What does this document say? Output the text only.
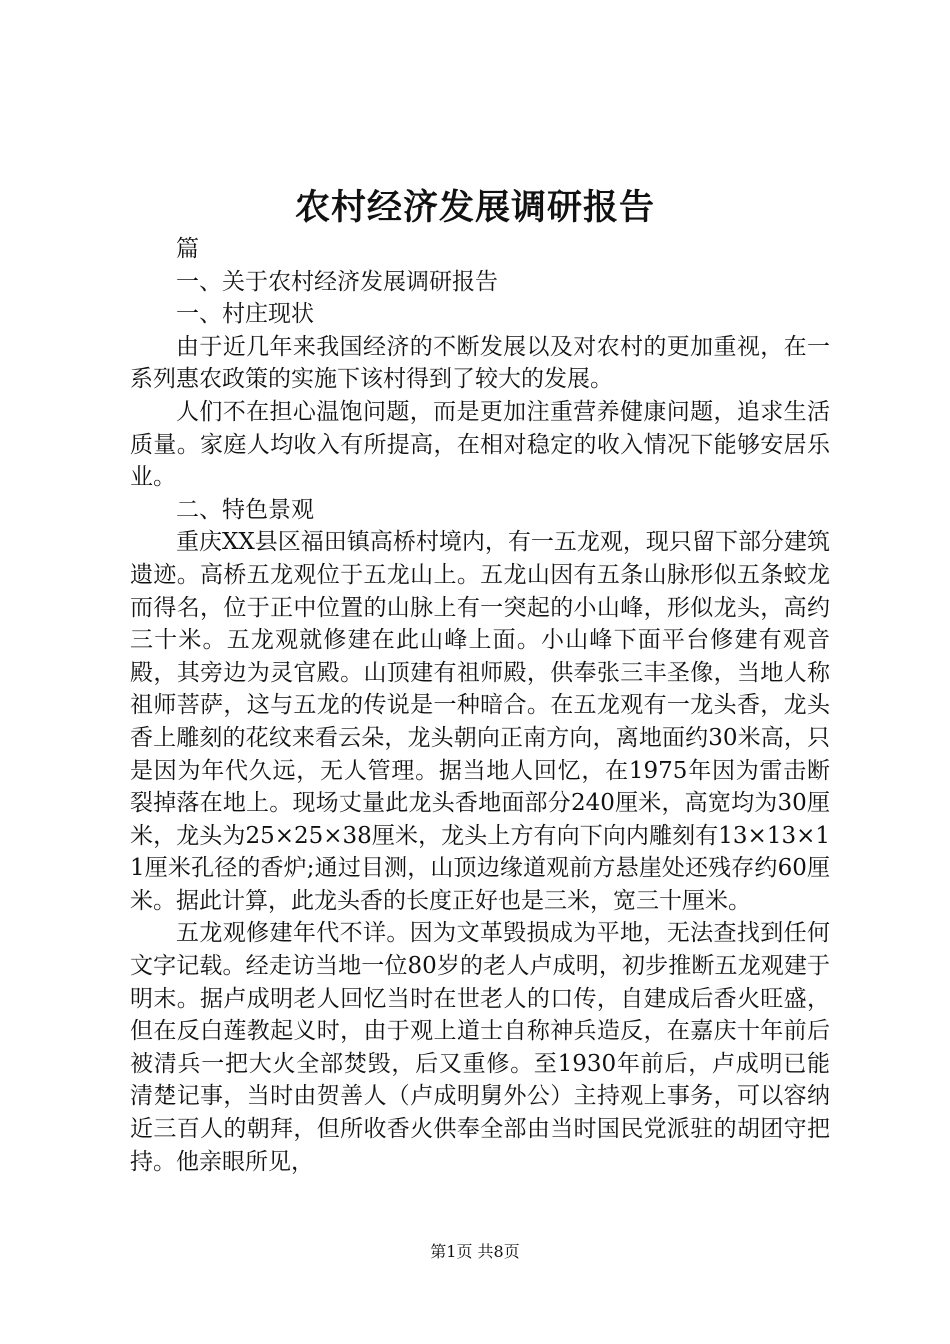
农村经济发展调研报告

篇

一、关于农村经济发展调研报告

一、村庄现状

由于近几年来我国经济的不断发展以及对农村的更加重视，在一系列惠农政策的实施下该村得到了较大的发展。

人们不在担心温饱问题，而是更加注重营养健康问题，追求生活质量。家庭人均收入有所提高，在相对稳定的收入情况下能够安居乐业。

二、特色景观

重庆XX县区福田镇高桥村境内，有一五龙观，现只留下部分建筑遗迹。高桥五龙观位于五龙山上。五龙山因有五条山脉形似五条蛟龙而得名，位于正中位置的山脉上有一突起的小山峰，形似龙头，高约三十米。五龙观就修建在此山峰上面。小山峰下面平台修建有观音殿，其旁边为灵官殿。山顶建有祖师殿，供奉张三丰圣像，当地人称祖师菩萨，这与五龙的传说是一种暗合。在五龙观有一龙头香，龙头香上雕刻的花纹来看云朵，龙头朝向正南方向，离地面约30米高，只是因为年代久远，无人管理。据当地人回忆，在1975年因为雷击断裂掉落在地上。现场丈量此龙头香地面部分240厘米，高宽均为30厘米，龙头为25×25×38厘米，龙头上方有向下向内雕刻有13×13×11厘米孔径的香炉;通过目测，山顶边缘道观前方悬崖处还残存约60厘米。据此计算，此龙头香的长度正好也是三米，宽三十厘米。

五龙观修建年代不详。因为文革毁损成为平地，无法查找到任何文字记载。经走访当地一位80岁的老人卢成明，初步推断五龙观建于明末。据卢成明老人回忆当时在世老人的口传，自建成后香火旺盛，但在反白莲教起义时，由于观上道士自称神兵造反，在嘉庆十年前后被清兵一把大火全部焚毁，后又重修。至1930年前后，卢成明已能清楚记事，当时由贺善人（卢成明舅外公）主持观上事务，可以容纳近三百人的朝拜，但所收香火供奉全部由当时国民党派驻的胡团守把持。他亲眼所见，

第1页 共8页
